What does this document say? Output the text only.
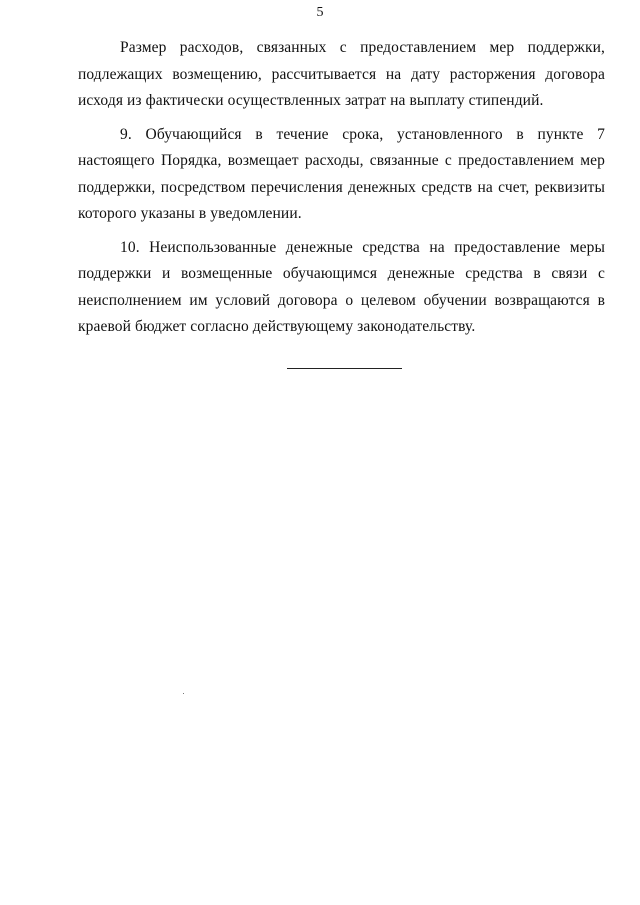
5

Размер расходов, связанных с предоставлением мер поддержки, подлежащих возмещению, рассчитывается на дату расторжения договора исходя из фактически осуществленных затрат на выплату стипендий.

9. Обучающийся в течение срока, установленного в пункте 7 настоящего Порядка, возмещает расходы, связанные с предоставлением мер поддержки, посредством перечисления денежных средств на счет, реквизиты которого указаны в уведомлении.

10. Неиспользованные денежные средства на предоставление меры поддержки и возмещенные обучающимся денежные средства в связи с неисполнением им условий договора о целевом обучении возвращаются в краевой бюджет согласно действующему законодательству.
